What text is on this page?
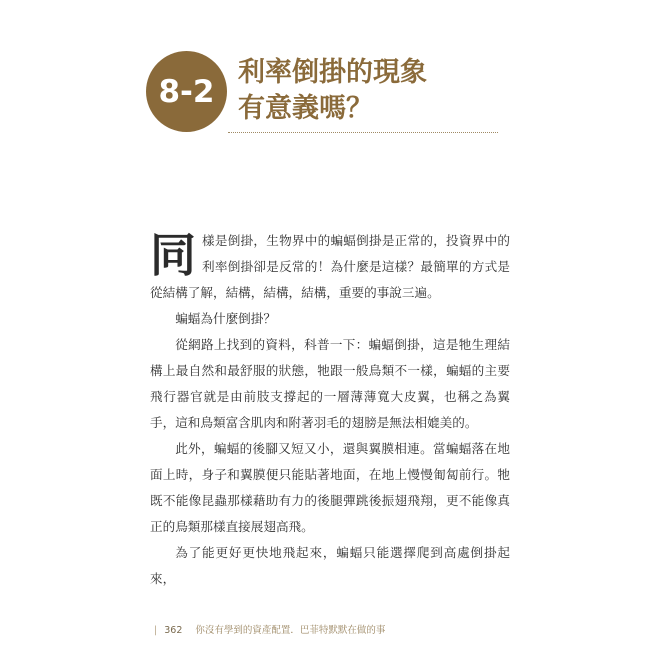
8-2
利率倒掛的現象
有意義嗎？

同樣是倒掛，生物界中的蝙蝠倒掛是正常的，投資界中的利率倒掛卻是反常的！為什麼是這樣？最簡單的方式是從結構了解，結構，結構，結構，重要的事說三遍。

蝙蝠為什麼倒掛？

從網路上找到的資料，科普一下：蝙蝠倒掛，這是牠生理結構上最自然和最舒服的狀態，牠跟一般鳥類不一樣，蝙蝠的主要飛行器官就是由前肢支撐起的一層薄薄寬大皮翼，也稱之為翼手，這和鳥類富含肌肉和附著羽毛的翅膀是無法相媲美的。

此外，蝙蝠的後腳又短又小，還與翼膜相連。當蝙蝠落在地面上時，身子和翼膜便只能貼著地面，在地上慢慢匍匐前行。牠既不能像昆蟲那樣藉助有力的後腿彈跳後振翅飛翔，更不能像真正的鳥類那樣直接展翅高飛。

為了能更好更快地飛起來，蝙蝠只能選擇爬到高處倒掛起來，

| 362 你沒有學到的資產配置．巴菲特默默在做的事
